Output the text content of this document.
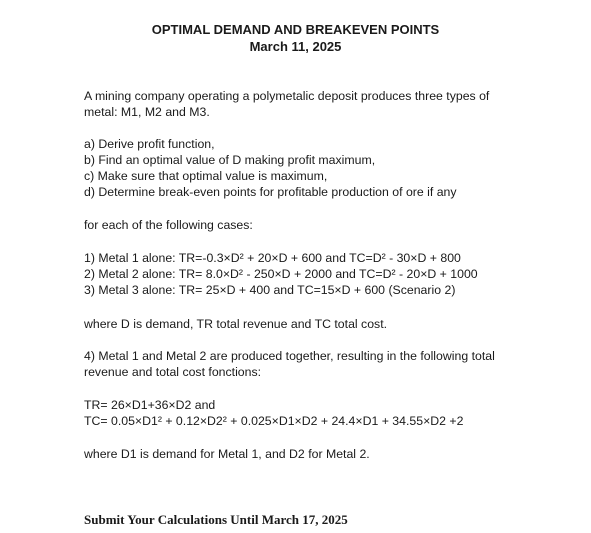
OPTIMAL DEMAND AND BREAKEVEN POINTS
March 11, 2025
A mining company operating a polymetalic deposit produces three types of
metal: M1, M2 and M3.
a) Derive profit function,
b) Find an optimal value of D making profit maximum,
c) Make sure that optimal value is maximum,
d) Determine break-even points for profitable production of ore if any
for each of the following cases:
1) Metal 1 alone: TR=-0.3×D² + 20×D + 600 and TC=D² - 30×D + 800
2) Metal 2 alone: TR= 8.0×D² - 250×D + 2000 and TC=D² - 20×D + 1000
3) Metal 3 alone: TR= 25×D + 400 and TC=15×D + 600 (Scenario 2)
where D is demand, TR total revenue and TC total cost.
4) Metal 1 and Metal 2 are produced together, resulting in the following total
revenue and total cost fonctions:
TR= 26×D1+36×D2 and
TC= 0.05×D1² + 0.12×D2² + 0.025×D1×D2 + 24.4×D1 + 34.55×D2 +2
where D1 is demand for Metal 1, and D2 for Metal 2.
Submit Your Calculations Until March 17, 2025
